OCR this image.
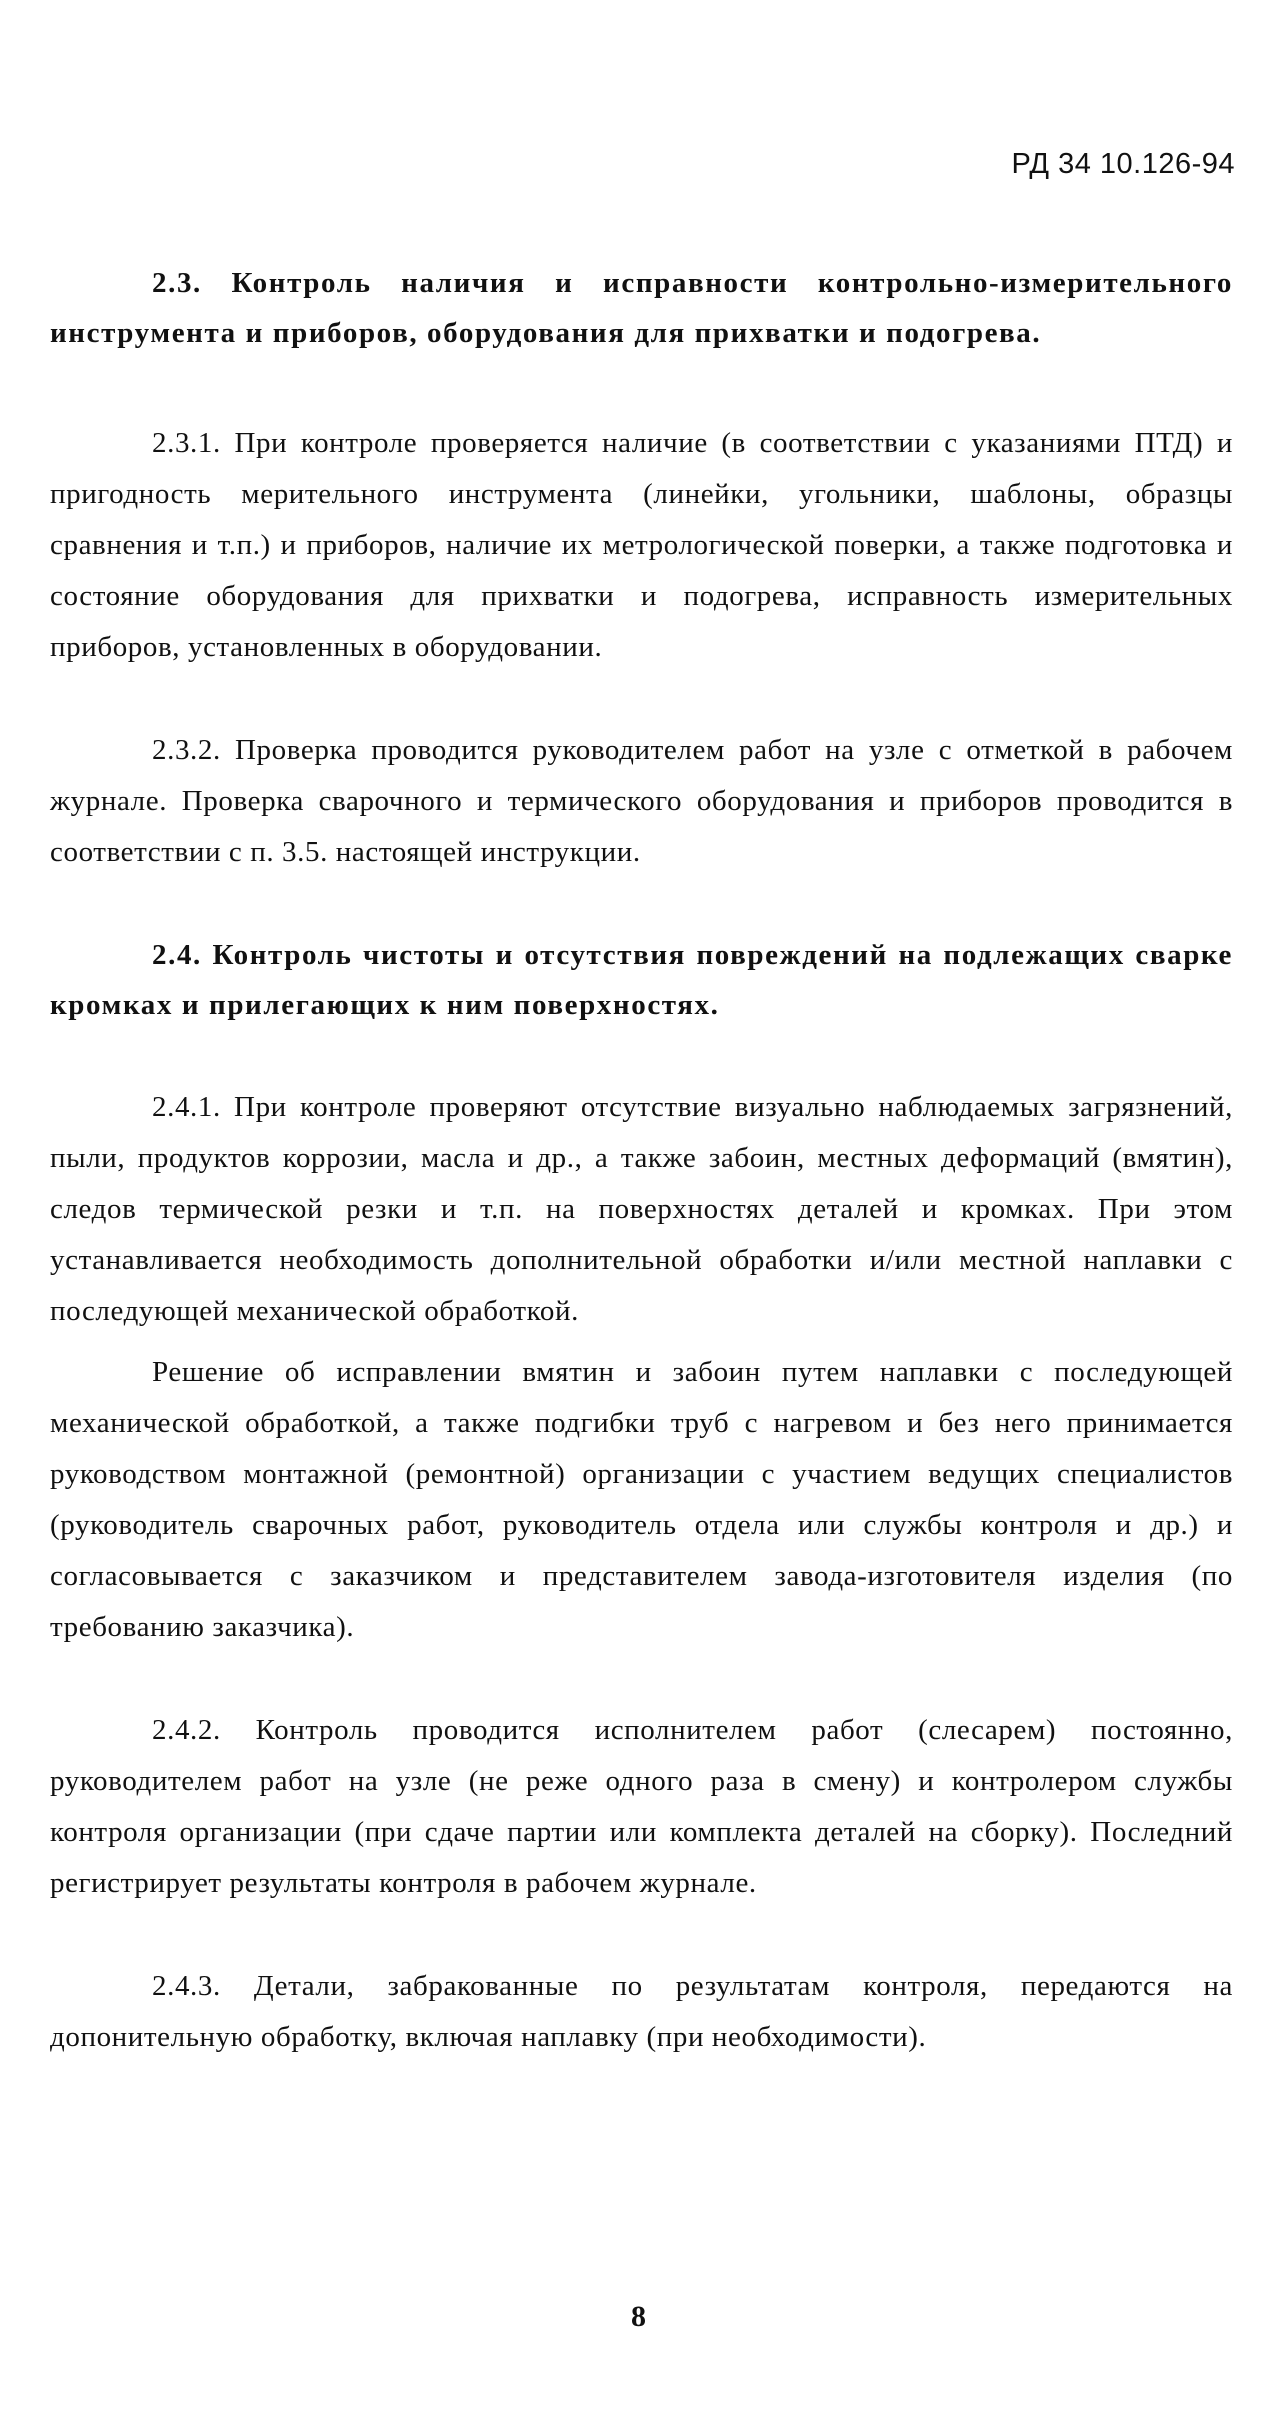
РД 34 10.126-94

2.3. Контроль наличия и исправности контрольно-измерительного инструмента и приборов, оборудования для прихватки и подогрева.

2.3.1. При контроле проверяется наличие (в соответствии с указаниями ПТД) и пригодность мерительного инструмента (линейки, угольники, шаблоны, образцы сравнения и т.п.) и приборов, наличие их метрологической поверки, а также подготовка и состояние оборудования для прихватки и подогрева, исправность измерительных приборов, установленных в оборудовании.

2.3.2. Проверка проводится руководителем работ на узле с отметкой в рабочем журнале. Проверка сварочного и термического оборудования и приборов проводится в соответствии с п. 3.5. настоящей инструкции.

2.4. Контроль чистоты и отсутствия повреждений на подлежащих сварке кромках и прилегающих к ним поверхностях.

2.4.1. При контроле проверяют отсутствие визуально наблюдаемых загрязнений, пыли, продуктов коррозии, масла и др., а также забоин, местных деформаций (вмятин), следов термической резки и т.п. на поверхностях деталей и кромках. При этом устанавливается необходимость дополнительной обработки и/или местной наплавки с последующей механической обработкой.

Решение об исправлении вмятин и забоин путем наплавки с последующей механической обработкой, а также подгибки труб с нагревом и без него принимается руководством монтажной (ремонтной) организации с участием ведущих специалистов (руководитель сварочных работ, руководитель отдела или службы контроля и др.) и согласовывается с заказчиком и представителем завода-изготовителя изделия (по требованию заказчика).

2.4.2. Контроль проводится исполнителем работ (слесарем) постоянно, руководителем работ на узле (не реже одного раза в смену) и контролером службы контроля организации (при сдаче партии или комплекта деталей на сборку). Последний регистрирует результаты контроля в рабочем журнале.

2.4.3. Детали, забракованные по результатам контроля, передаются на допонительную обработку, включая наплавку (при необходимости).

8
